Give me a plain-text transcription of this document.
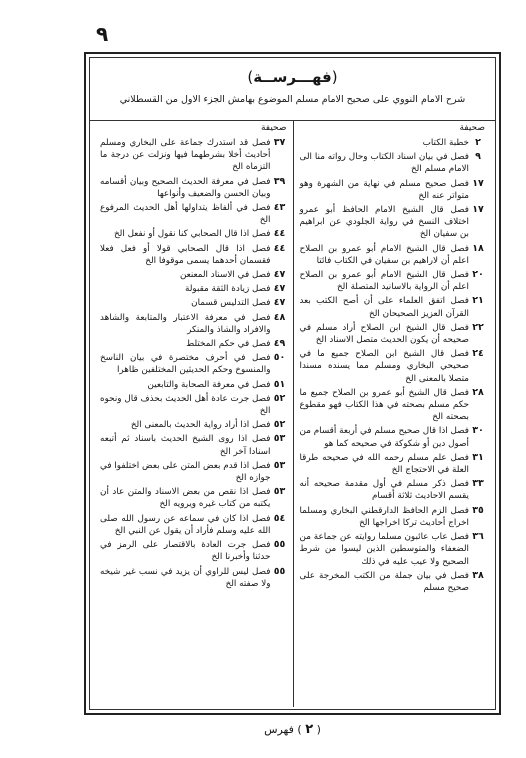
٩
(فهـــرســة)
شرح الامام النووي على صحيح الامام مسلم الموضوع بهامش الجزء الاول من القسطلاني
صحيفة
٢
خطبة الكتاب
٩
فصل في بيان اسناد الكتاب وحال رواته منا الى الامام مسلم الخ
١٧
فصل صحيح مسلم في نهاية من الشهرة وهو متواتر عنه الخ
١٧
فصل قال الشيخ الامام الحافظ أبو عمرو اختلاف النسخ في رواية الجلودي عن ابراهيم بن سفيان الخ
١٨
فصل قال الشيخ الامام أبو عمرو بن الصلاح اعلم أن لاراهيم بن سفيان في الكتاب فائتا
٢٠
فصل قال الشيخ الامام أبو عمرو بن الصلاح اعلم أن الرواية بالاسانيد المتصلة الخ
٢١
فصل اتفق العلماء على أن أصح الكتب بعد القرآن العزيز الصحيحان الخ
٢٢
فصل قال الشيخ ابن الصلاح أراد مسلم في صحيحه أن يكون الحديث متصل الاسناد الخ
٢٤
فصل قال الشيخ ابن الصلاح جميع ما في صحيحي البخاري ومسلم مما يسنده مسندا متصلا بالمعنى الخ
٢٨
فصل قال الشيخ أبو عمرو بن الصلاح جميع ما حكم مسلم بصحته في هذا الكتاب فهو مقطوع بصحته الخ
٣٠
فصل اذا قال صحيح مسلم في أربعة أقسام من أصول دين أو شكوكة في صحيحه كما هو
٣١
فصل علم مسلم رحمه الله في صحيحه طرقا العلة في الاحتجاج الخ
٣٣
فصل ذكر مسلم في أول مقدمة صحيحه أنه يقسم الاحاديث ثلاثة أقسام
٣٥
فصل الزم الحافظ الدارقطني البخاري ومسلما اخراج أحاديث تركا اخراجها الخ
٣٦
فصل عاب عائبون مسلما روايته عن جماعة من الضعفاء والمتوسطين الذين ليسوا من شرط الصحيح ولا عيب عليه في ذلك
٣٨
فصل في بيان جملة من الكتب المخرجة على صحيح مسلم
صحيفة
٣٧
فصل قد استدرك جماعة على البخاري ومسلم أحاديث أخلا بشرطهما فيها ونزلت عن درجة ما التزماه الخ
٣٩
فصل في معرفة الحديث الصحيح وبيان أقسامه وبيان الحسن والضعيف وأنواعها
٤٣
فصل في ألفاظ يتداولها أهل الحديث المرفوع الخ
٤٤
فصل اذا قال الصحابي كنا نقول أو نفعل الخ
٤٤
فصل اذا قال الصحابي قولا أو فعل فعلا فقسمان أحدهما يسمى موقوفا الخ
٤٧
فصل في الاسناد المعنعن
٤٧
فصل زيادة الثقة مقبولة
٤٧
فصل التدليس قسمان
٤٨
فصل في معرفة الاعتبار والمتابعة والشاهد والافراد والشاذ والمنكر
٤٩
فصل في حكم المختلط
٥٠
فصل في أحرف مختصرة في بيان الناسخ والمنسوخ وحكم الحديثين المختلفين ظاهرا
٥١
فصل في معرفة الصحابة والتابعين
٥٢
فصل جرت عادة أهل الحديث بحذف قال ونحوه الخ
٥٢
فصل اذا أراد رواية الحديث بالمعنى الخ
٥٣
فصل اذا روى الشيخ الحديث باسناد ثم أتبعه اسنادا آخر الخ
٥٣
فصل اذا قدم بعض المتن على بعض اختلفوا في جوازه الخ
٥٣
فصل اذا نقص من بعض الاسناد والمتن عاد أن يكتبه من كتاب غيره ويرويه الخ
٥٤
فصل اذا كان في سماعه عن رسول الله صلى الله عليه وسلم فأراد أن يقول عن النبي الخ
٥٥
فصل جرت العادة بالاقتصار على الرمز في حدثنا وأخبرنا الخ
٥٥
فصل ليس للراوي أن يزيد في نسب غير شيخه ولا صفته الخ
( ٢ ) فهرس
